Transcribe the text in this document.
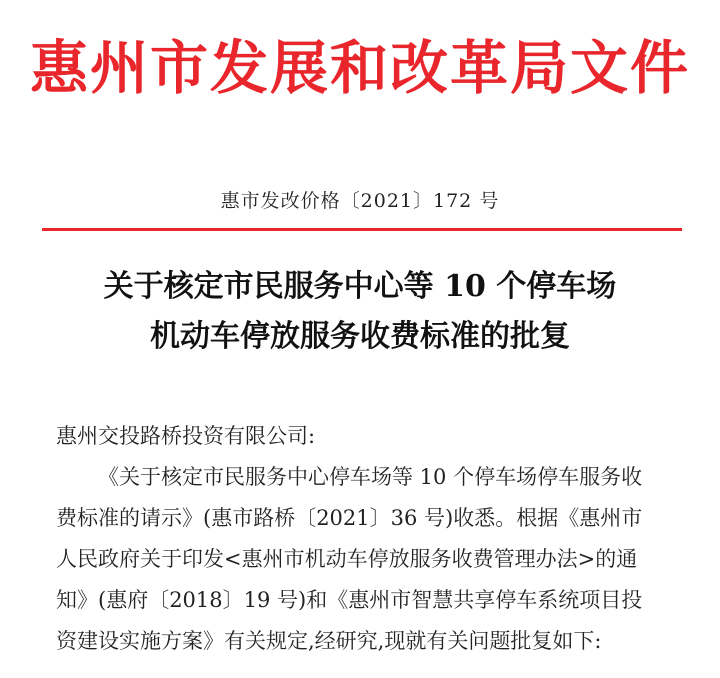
惠州市发展和改革局文件
惠市发改价格〔2021〕172 号
关于核定市民服务中心等 10 个停车场
机动车停放服务收费标准的批复
惠州交投路桥投资有限公司:
《关于核定市民服务中心停车场等 10 个停车场停车服务收
费标准的请示》(惠市路桥〔2021〕36 号)收悉。根据《惠州市
人民政府关于印发<惠州市机动车停放服务收费管理办法>的通
知》(惠府〔2018〕19 号)和《惠州市智慧共享停车系统项目投
资建设实施方案》有关规定,经研究,现就有关问题批复如下:
